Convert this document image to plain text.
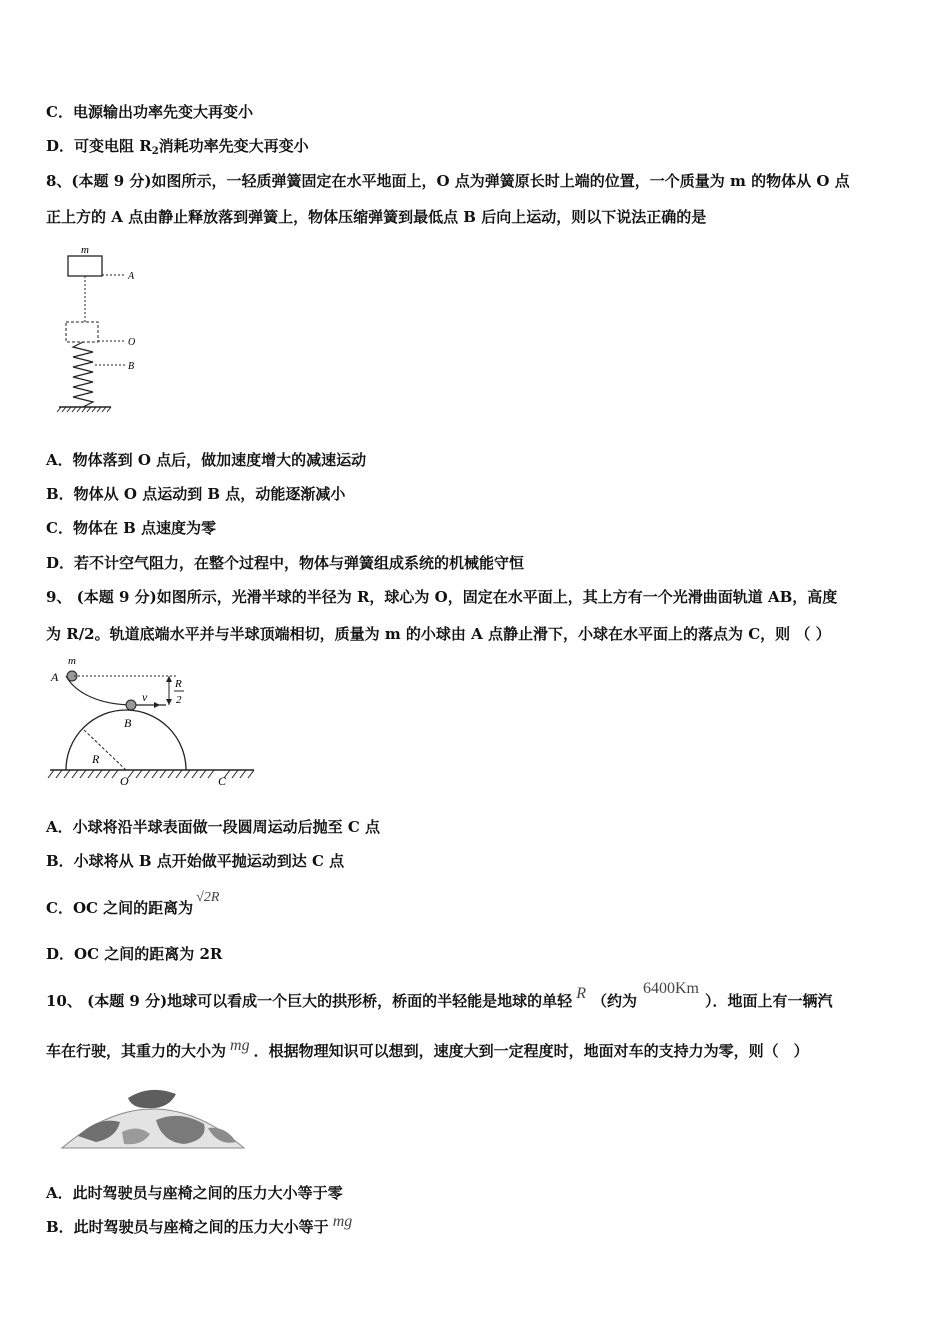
C．电源输出功率先变大再变小
D．可变电阻 $R_2$消耗功率先变大再变小
8、(本题 9 分)如图所示，一轻质弹簧固定在水平地面上，O 点为弹簧原长时上端的位置，一个质量为 m 的物体从 O 点
正上方的 A 点由静止释放落到弹簧上，物体压缩弹簧到最低点 B 后向上运动，则以下说法正确的是
m
A
O
B
A．物体落到 O 点后，做加速度增大的减速运动
B．物体从 O 点运动到 B 点，动能逐渐减小
C．物体在 B 点速度为零
D．若不计空气阻力，在整个过程中，物体与弹簧组成系统的机械能守恒
9、 (本题 9 分)如图所示，光滑半球的半径为 R，球心为 O，固定在水平面上，其上方有一个光滑曲面轨道 AB，高度
为 R/2。轨道底端水平并与半球顶端相切，质量为 m 的小球由 A 点静止滑下，小球在水平面上的落点为 C，则 （ ）
m
A	R
2
v
B
R
O	C
A．小球将沿半球表面做一段圆周运动后抛至 C 点
B．小球将从 B 点开始做平抛运动到达 C 点
C．OC 之间的距离为√2R
D．OC 之间的距离为 2R
10、 (本题 9 分)地球可以看成一个巨大的拱形桥，桥面的半轻能是地球的单轻 R （约为6400Km）．地面上有一辆汽
车在行驶，其重力的大小为 mg ．根据物理知识可以想到，速度大到一定程度时，地面对车的支持力为零，则（　）
A．此时驾驶员与座椅之间的压力大小等于零
B．此时驾驶员与座椅之间的压力大小等于 mg
